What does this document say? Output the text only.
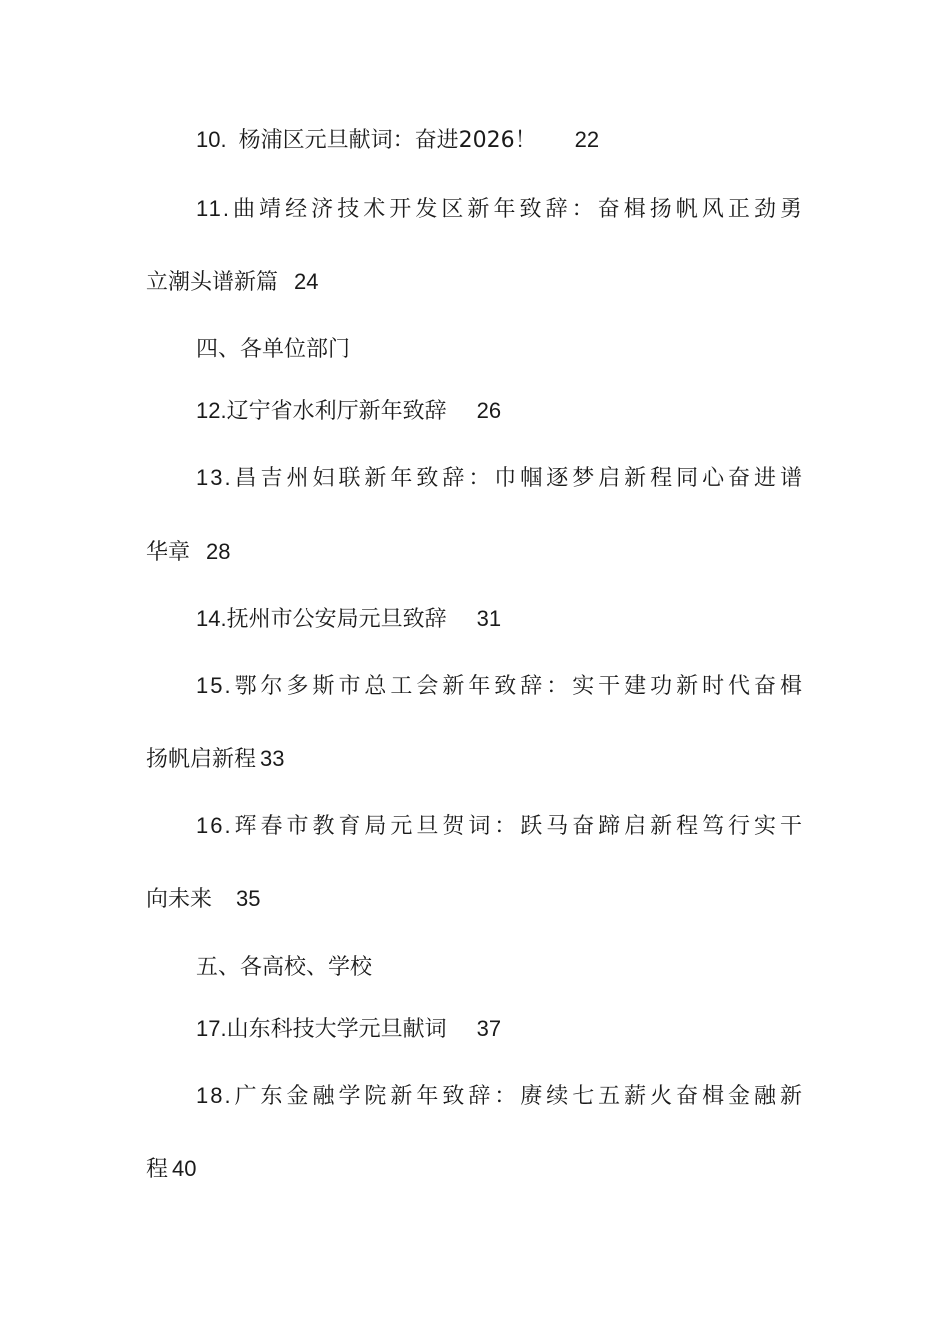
10. 杨浦区元旦献词：奋进2026！ 22
11.曲靖经济技术开发区新年致辞：奋楫扬帆风正劲勇
立潮头谱新篇 24
四、各单位部门
12.辽宁省水利厅新年致辞 26
13.昌吉州妇联新年致辞：巾帼逐梦启新程同心奋进谱
华章 28
14.抚州市公安局元旦致辞 31
15.鄂尔多斯市总工会新年致辞：实干建功新时代奋楫
扬帆启新程 33
16.珲春市教育局元旦贺词：跃马奋蹄启新程笃行实干
向未来 35
五、各高校、学校
17.山东科技大学元旦献词 37
18.广东金融学院新年致辞：赓续七五薪火奋楫金融新
程 40
